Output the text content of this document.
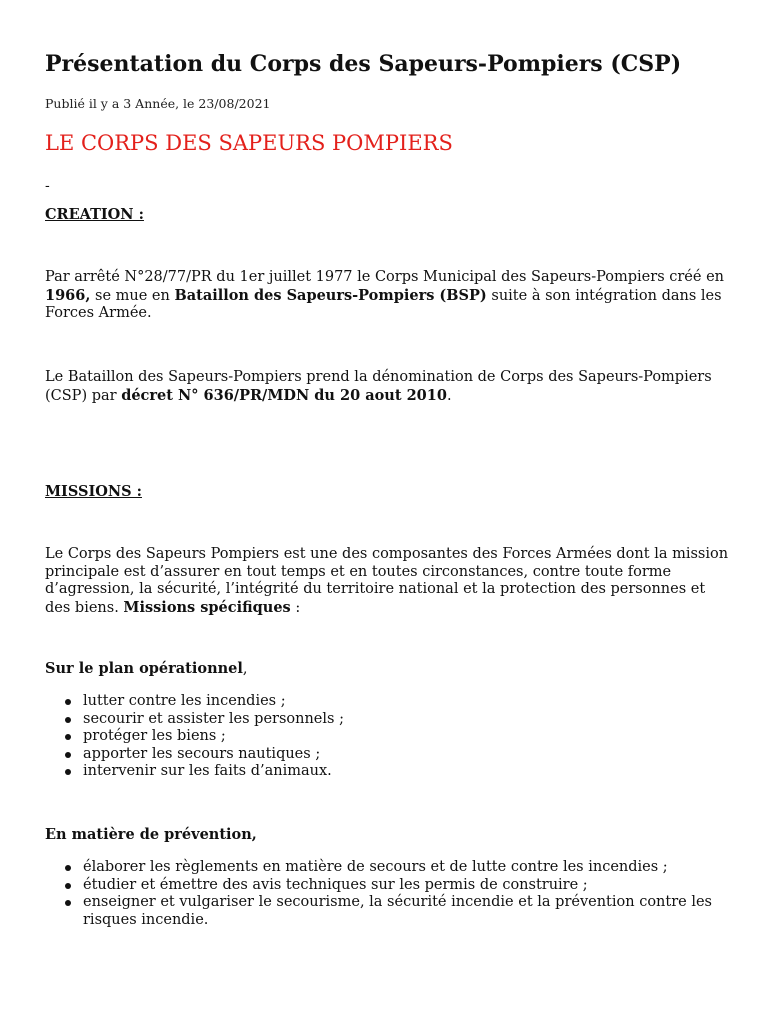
Présentation du Corps des Sapeurs-Pompiers (CSP)
Publié il y a 3 Année, le 23/08/2021
LE CORPS DES SAPEURS POMPIERS
-
CREATION :

Par arrêté N°28/77/PR du 1er juillet 1977 le Corps Municipal des Sapeurs-Pompiers créé en 1966, se mue en Bataillon des Sapeurs-Pompiers (BSP) suite à son intégration dans les Forces Armée.

Le Bataillon des Sapeurs-Pompiers prend la dénomination de Corps des Sapeurs-Pompiers (CSP) par décret N° 636/PR/MDN du 20 aout 2010.

MISSIONS :

Le Corps des Sapeurs Pompiers est une des composantes des Forces Armées dont la mission principale est d’assurer en tout temps et en toutes circonstances, contre toute forme d’agression, la sécurité, l’intégrité du territoire national et la protection des personnes et des biens. Missions spécifiques :

Sur le plan opérationnel,
lutter contre les incendies ;
secourir et assister les personnels ;
protéger les biens ;
apporter les secours nautiques ;
intervenir sur les faits d’animaux.
En matière de prévention,
élaborer les règlements en matière de secours et de lutte contre les incendies ;
étudier et émettre des avis techniques sur les permis de construire ;
enseigner et vulgariser le secourisme, la sécurité incendie et la prévention contre les risques incendie.
